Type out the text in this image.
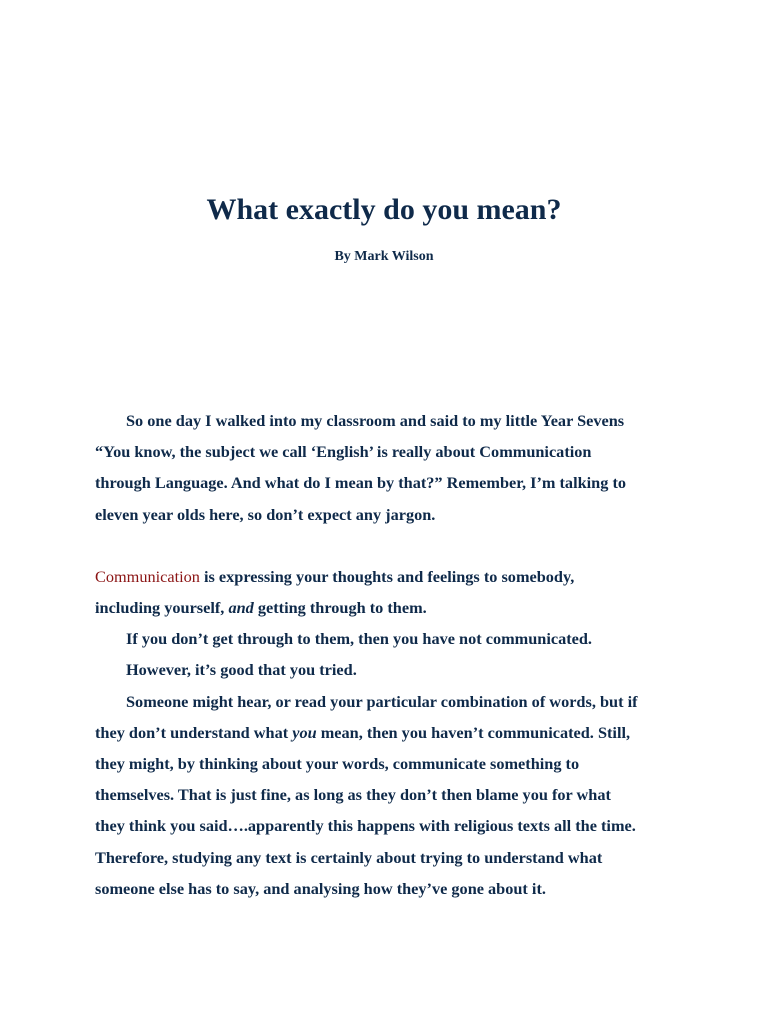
What exactly do you mean?

By Mark Wilson

So one day I walked into my classroom and said to my little Year Sevens “You know, the subject we call ‘English’ is really about Communication through Language. And what do I mean by that?” Remember, I’m talking to eleven year olds here, so don’t expect any jargon.

Communication is expressing your thoughts and feelings to somebody, including yourself, and getting through to them.

If you don’t get through to them, then you have not communicated.

However, it’s good that you tried.

Someone might hear, or read your particular combination of words, but if they don’t understand what you mean, then you haven’t communicated. Still, they might, by thinking about your words, communicate something to themselves. That is just fine, as long as they don’t then blame you for what they think you said….apparently this happens with religious texts all the time. Therefore, studying any text is certainly about trying to understand what someone else has to say, and analysing how they’ve gone about it.
